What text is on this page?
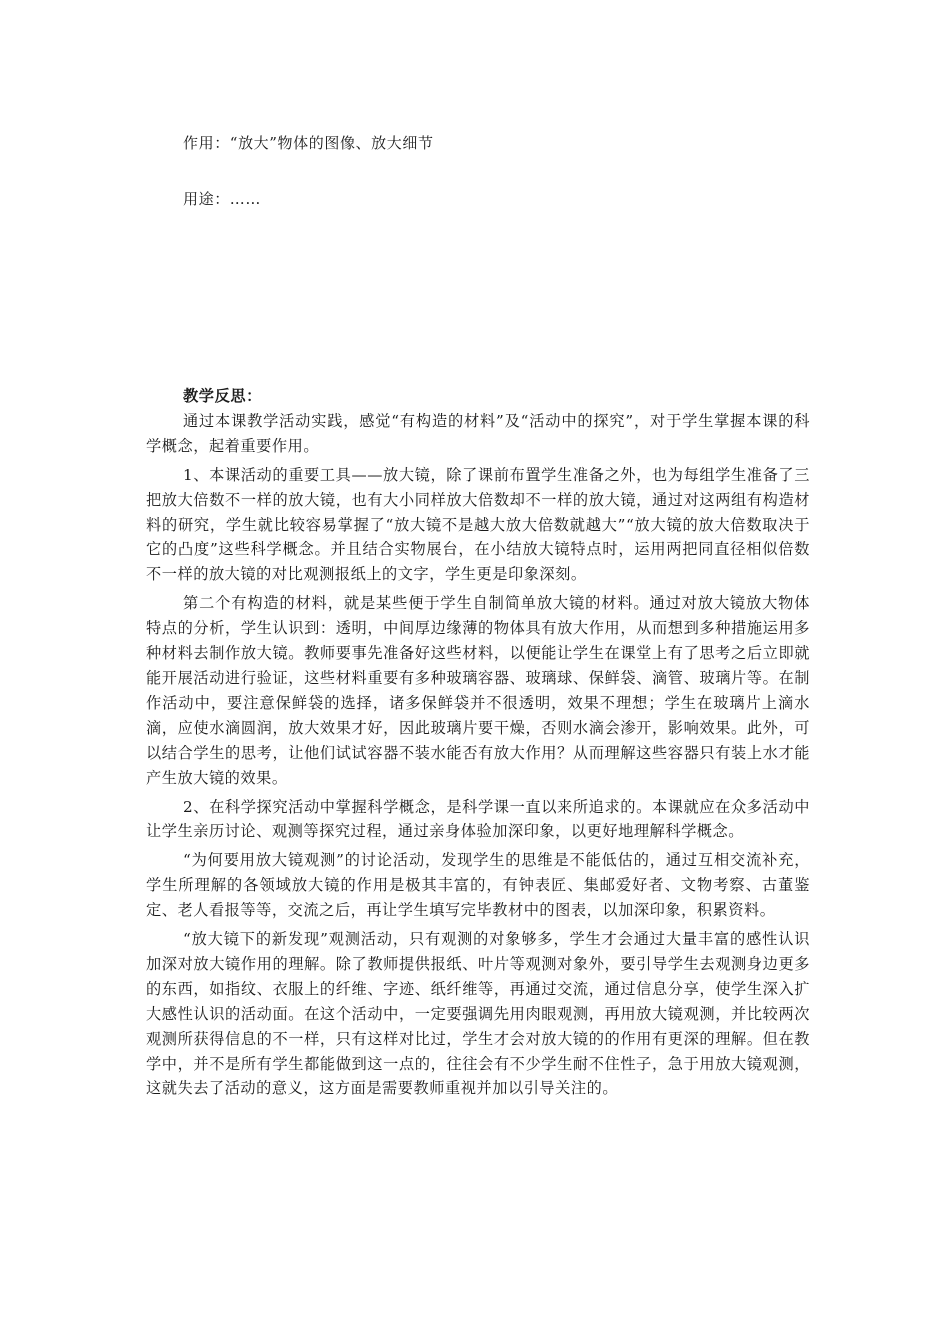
作用：“放大”物体的图像、放大细节
用途：……
教学反思：

通过本课教学活动实践，感觉“有构造的材料”及“活动中的探究”，对于学生掌握本课的科学概念，起着重要作用。

1、本课活动的重要工具——放大镜，除了课前布置学生准备之外，也为每组学生准备了三把放大倍数不一样的放大镜，也有大小同样放大倍数却不一样的放大镜，通过对这两组有构造材料的研究，学生就比较容易掌握了“放大镜不是越大放大倍数就越大”“放大镜的放大倍数取决于它的凸度”这些科学概念。并且结合实物展台，在小结放大镜特点时，运用两把同直径相似倍数不一样的放大镜的对比观测报纸上的文字，学生更是印象深刻。

第二个有构造的材料，就是某些便于学生自制简单放大镜的材料。通过对放大镜放大物体特点的分析，学生认识到：透明，中间厚边缘薄的物体具有放大作用，从而想到多种措施运用多种材料去制作放大镜。教师要事先准备好这些材料，以便能让学生在课堂上有了思考之后立即就能开展活动进行验证，这些材料重要有多种玻璃容器、玻璃球、保鲜袋、滴管、玻璃片等。在制作活动中，要注意保鲜袋的选择，诸多保鲜袋并不很透明，效果不理想；学生在玻璃片上滴水滴，应使水滴圆润，放大效果才好，因此玻璃片要干燥，否则水滴会渗开，影响效果。此外，可以结合学生的思考，让他们试试容器不装水能否有放大作用？从而理解这些容器只有装上水才能产生放大镜的效果。

2、在科学探究活动中掌握科学概念，是科学课一直以来所追求的。本课就应在众多活动中让学生亲历讨论、观测等探究过程，通过亲身体验加深印象，以更好地理解科学概念。

“为何要用放大镜观测”的讨论活动，发现学生的思维是不能低估的，通过互相交流补充，学生所理解的各领域放大镜的作用是极其丰富的，有钟表匠、集邮爱好者、文物考察、古董鉴定、老人看报等等，交流之后，再让学生填写完毕教材中的图表，以加深印象，积累资料。

“放大镜下的新发现”观测活动，只有观测的对象够多，学生才会通过大量丰富的感性认识加深对放大镜作用的理解。除了教师提供报纸、叶片等观测对象外，要引导学生去观测身边更多的东西，如指纹、衣服上的纤维、字迹、纸纤维等，再通过交流，通过信息分享，使学生深入扩大感性认识的活动面。在这个活动中，一定要强调先用肉眼观测，再用放大镜观测，并比较两次观测所获得信息的不一样，只有这样对比过，学生才会对放大镜的的作用有更深的理解。但在教学中，并不是所有学生都能做到这一点的，往往会有不少学生耐不住性子，急于用放大镜观测，这就失去了活动的意义，这方面是需要教师重视并加以引导关注的。
